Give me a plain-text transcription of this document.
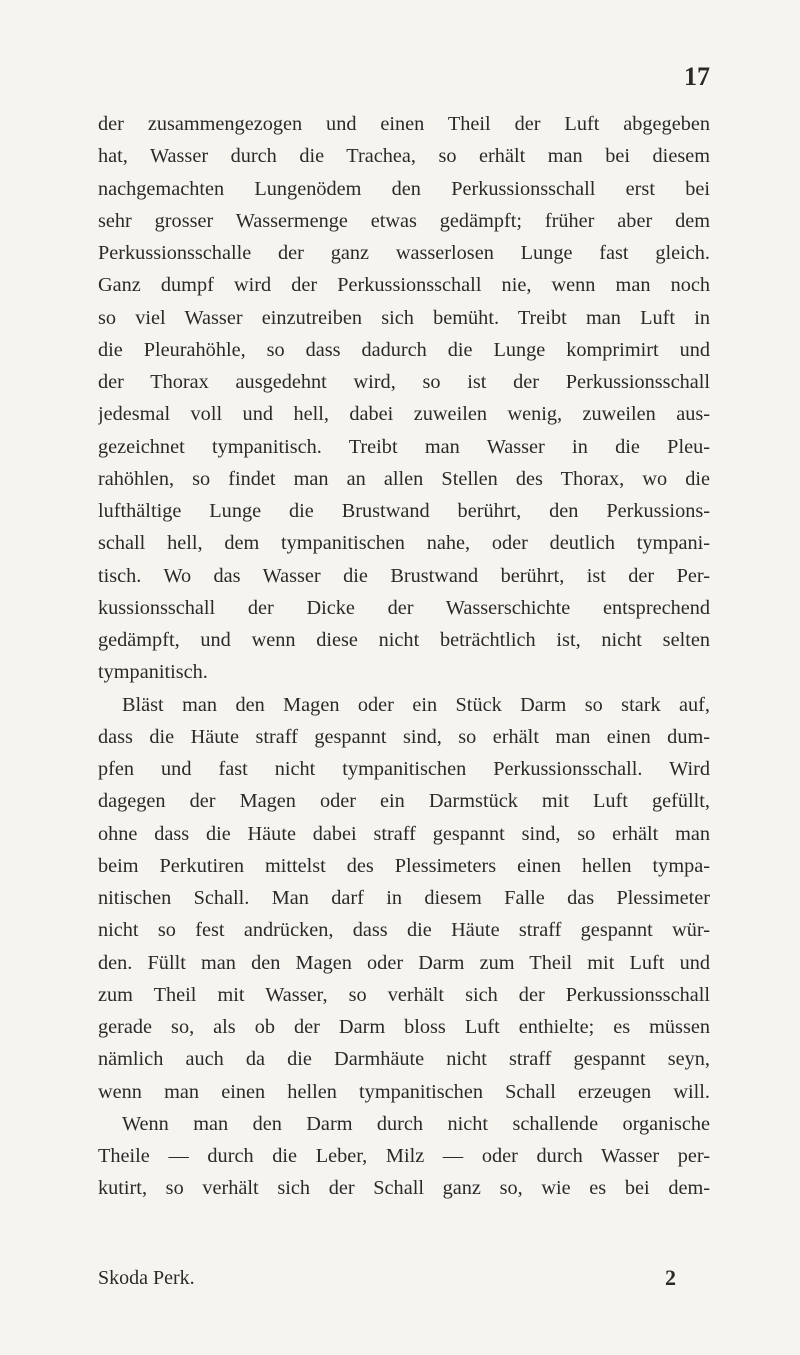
17
der zusammengezogen und einen Theil der Luft abgegeben
hat, Wasser durch die Trachea, so erhält man bei diesem
nachgemachten Lungenödem den Perkussionsschall erst bei
sehr grosser Wassermenge etwas gedämpft; früher aber dem
Perkussionsschalle der ganz wasserlosen Lunge fast gleich.
Ganz dumpf wird der Perkussionsschall nie, wenn man noch
so viel Wasser einzutreiben sich bemüht. Treibt man Luft in
die Pleurahöhle, so dass dadurch die Lunge komprimirt und
der Thorax ausgedehnt wird, so ist der Perkussionsschall
jedesmal voll und hell, dabei zuweilen wenig, zuweilen aus-
gezeichnet tympanitisch. Treibt man Wasser in die Pleu-
rahöhlen, so findet man an allen Stellen des Thorax, wo die
lufthältige Lunge die Brustwand berührt, den Perkussions-
schall hell, dem tympanitischen nahe, oder deutlich tympani-
tisch. Wo das Wasser die Brustwand berührt, ist der Per-
kussionsschall der Dicke der Wasserschichte entsprechend
gedämpft, und wenn diese nicht beträchtlich ist, nicht selten
tympanitisch.
Bläst man den Magen oder ein Stück Darm so stark auf,
dass die Häute straff gespannt sind, so erhält man einen dum-
pfen und fast nicht tympanitischen Perkussionsschall. Wird
dagegen der Magen oder ein Darmstück mit Luft gefüllt,
ohne dass die Häute dabei straff gespannt sind, so erhält man
beim Perkutiren mittelst des Plessimeters einen hellen tympa-
nitischen Schall. Man darf in diesem Falle das Plessimeter
nicht so fest andrücken, dass die Häute straff gespannt wür-
den. Füllt man den Magen oder Darm zum Theil mit Luft und
zum Theil mit Wasser, so verhält sich der Perkussionsschall
gerade so, als ob der Darm bloss Luft enthielte; es müssen
nämlich auch da die Darmhäute nicht straff gespannt seyn,
wenn man einen hellen tympanitischen Schall erzeugen will.
Wenn man den Darm durch nicht schallende organische
Theile — durch die Leber, Milz — oder durch Wasser per-
kutirt, so verhält sich der Schall ganz so, wie es bei dem-
Skoda Perk.	2
